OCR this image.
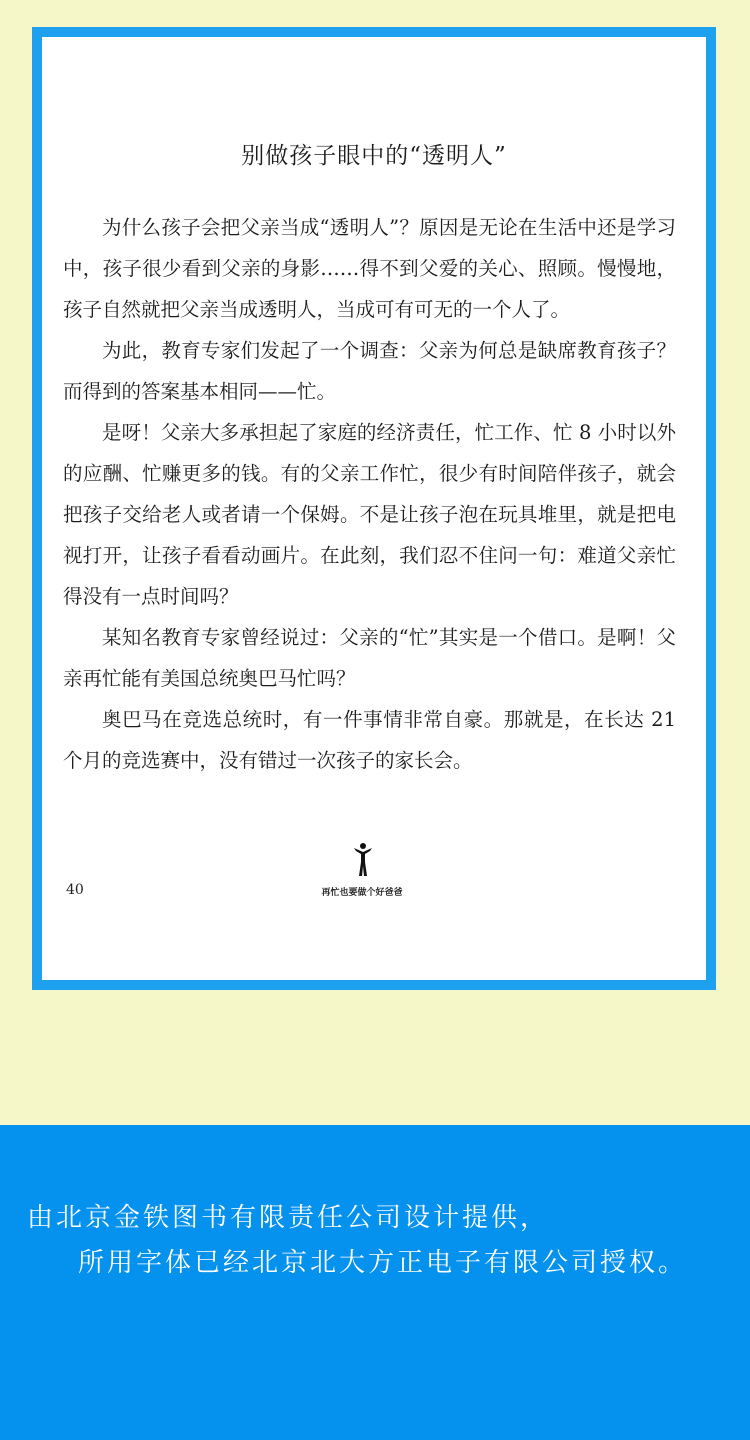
别做孩子眼中的“透明人”

为什么孩子会把父亲当成“透明人”？原因是无论在生活中还是学习中，孩子很少看到父亲的身影……得不到父爱的关心、照顾。慢慢地，孩子自然就把父亲当成透明人，当成可有可无的一个人了。

为此，教育专家们发起了一个调查：父亲为何总是缺席教育孩子？而得到的答案基本相同——忙。

是呀！父亲大多承担起了家庭的经济责任，忙工作、忙 8 小时以外的应酬、忙赚更多的钱。有的父亲工作忙，很少有时间陪伴孩子，就会把孩子交给老人或者请一个保姆。不是让孩子泡在玩具堆里，就是把电视打开，让孩子看看动画片。在此刻，我们忍不住问一句：难道父亲忙得没有一点时间吗？

某知名教育专家曾经说过：父亲的“忙”其实是一个借口。是啊！父亲再忙能有美国总统奥巴马忙吗？

奥巴马在竞选总统时，有一件事情非常自豪。那就是，在长达 21 个月的竞选赛中，没有错过一次孩子的家长会。

40	再忙也要做个好爸爸
由北京金铁图书有限责任公司设计提供，
所用字体已经北京北大方正电子有限公司授权。
